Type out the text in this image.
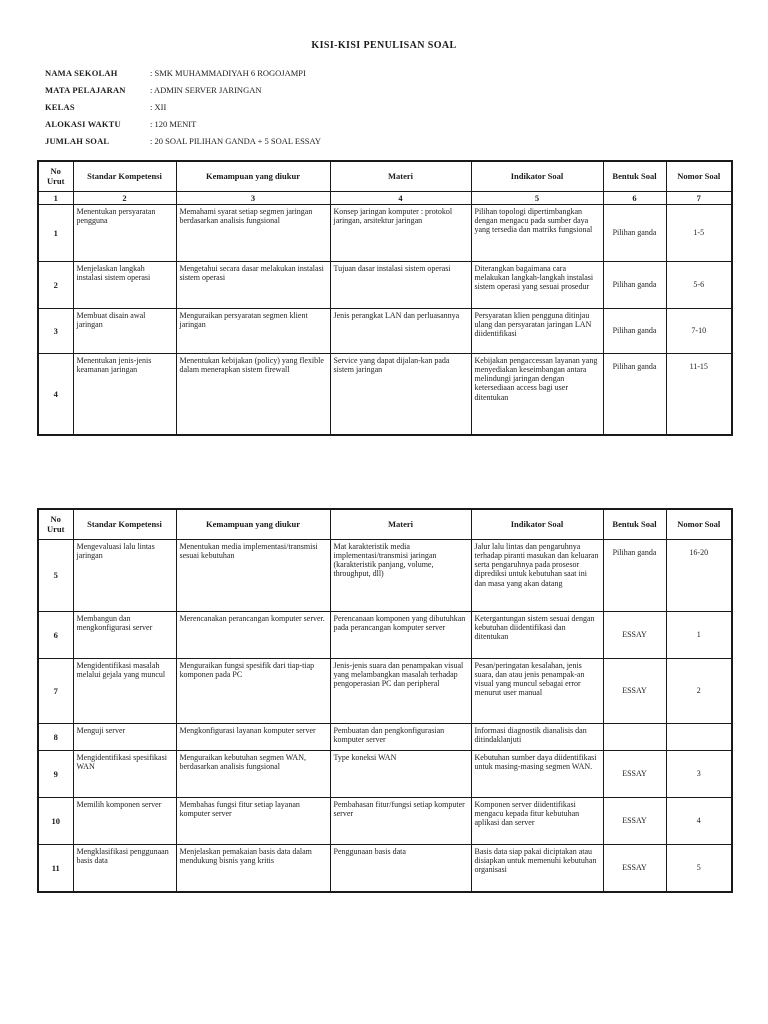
KISI-KISI PENULISAN SOAL
NAMA SEKOLAH	: SMK MUHAMMADIYAH 6 ROGOJAMPI
MATA PELAJARAN	: ADMIN SERVER JARINGAN
KELAS	: XII
ALOKASI WAKTU	: 120 MENIT
JUMLAH SOAL	: 20 SOAL PILIHAN GANDA + 5 SOAL ESSAY
No Urut	Standar Kompetensi	Kemampuan yang diukur	Materi	Indikator Soal	Bentuk Soal	Nomor Soal
1	2	3	4	5	6	7
1	Menentukan persyaratan pengguna	Memahami syarat setiap segmen jaringan berdasarkan analisis fungsional	Konsep jaringan komputer : protokol jaringan, arsitektur jaringan	Pilihan topologi dipertimbangkan dengan mengacu pada sumber daya yang tersedia dan matriks fungsional	Pilihan ganda	1-5
2	Menjelaskan langkah instalasi sistem operasi	Mengetahui secara dasar melakukan instalasi sistem operasi	Tujuan dasar instalasi sistem operasi	Diterangkan bagaimana cara melakukan langkah-langkah instalasi sistem operasi yang sesuai prosedur	Pilihan ganda	5-6
3	Membuat disain awal jaringan	Menguraikan persyaratan segmen klient jaringan	Jenis perangkat LAN dan perluasannya	Persyaratan klien pengguna ditinjau ulang dan persyaratan jaringan LAN diidentifikasi	Pilihan ganda	7-10
4	Menentukan jenis-jenis keamanan jaringan	Menentukan kebijakan (policy) yang flexible dalam menerapkan sistem firewall	Service yang dapat dijalan-kan pada sistem jaringan	Kebijakan pengaccessan layanan yang menyediakan keseimbangan antara melindungi jaringan dengan ketersediaan access bagi user ditentukan	Pilihan ganda	11-15
No Urut	Standar Kompetensi	Kemampuan yang diukur	Materi	Indikator Soal	Bentuk Soal	Nomor Soal
5	Mengevaluasi lalu lintas jaringan	Menentukan media implementasi/transmisi sesuai kebutuhan	Mat karakteristik media implementasi/transmisi jaringan (karakteristik panjang, volume, throughput, dll)	Jalur lalu lintas dan pengaruhnya terhadap piranti masukan dan keluaran serta pengaruhnya pada prosesor diprediksi untuk kebutuhan saat ini dan masa yang akan datang	Pilihan ganda	16-20
6	Membangun dan mengkonfigurasi server	Merencanakan perancangan komputer server.	Perencanaan komponen yang dibutuhkan pada perancangan komputer server	Ketergantungan sistem sesuai dengan kebutuhan diidentifikasi dan ditentukan	ESSAY	1
7	Mengidentifikasi masalah melalui gejala yang muncul	Menguraikan fungsi spesifik dari tiap-tiap komponen pada PC	Jenis-jenis suara dan penampakan visual yang melambangkan masalah terhadap pengoperasian PC dan peripheral	Pesan/peringatan kesalahan, jenis suara, dan atau jenis penampak-an visual yang muncul sebagai error menurut user manual	ESSAY	2
8	Menguji server	Mengkonfigurasi layanan komputer server	Pembuatan dan pengkonfigurasian komputer server	Informasi diagnostik dianalisis dan ditindaklanjuti		
9	Mengidentifikasi spesifikasi WAN	Menguraikan kebutuhan segmen WAN, berdasarkan analisis fungsional	Type koneksi WAN	Kebutuhan sumber daya diidentifikasi untuk masing-masing segmen WAN.	ESSAY	3
10	Memilih komponen server	Membahas fungsi fitur setiap layanan komputer server	Pembahasan fitur/fungsi setiap komputer server	Komponen server diidentifikasi mengacu kepada fitur kebutuhan aplikasi dan server	ESSAY	4
11	Mengklasifikasi penggunaan basis data	Menjelaskan pemakaian basis data dalam mendukung bisnis yang kritis	Penggunaan basis data	Basis data siap pakai diciptakan atau disiapkan untuk memenuhi kebutuhan organisasi	ESSAY	5
